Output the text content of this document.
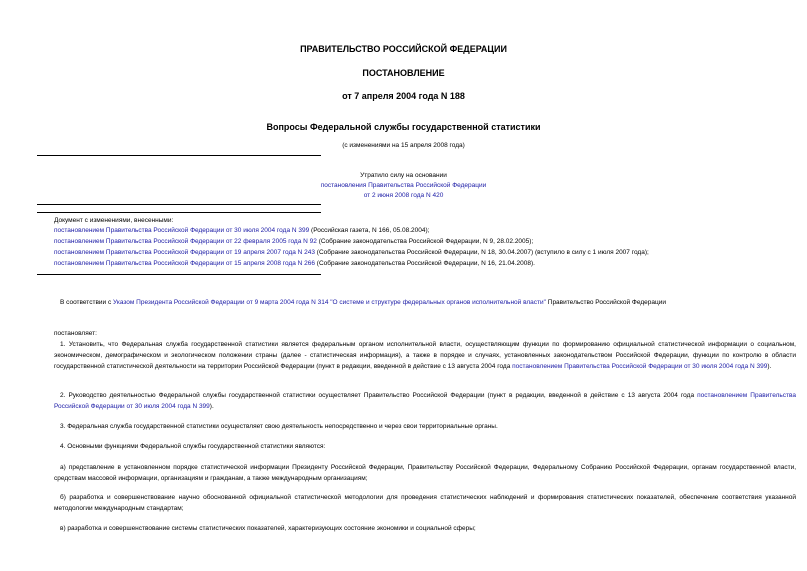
ПРАВИТЕЛЬСТВО РОССИЙСКОЙ ФЕДЕРАЦИИ
ПОСТАНОВЛЕНИЕ
от 7 апреля 2004 года N 188
Вопросы Федеральной службы государственной статистики
(с изменениями на 15 апреля 2008 года)
Утратило силу на основании
постановления Правительства Российской Федерации
от 2 июня 2008 года N 420
Документ с изменениями, внесенными:
постановлением Правительства Российской Федерации от 30 июля 2004 года N 399 (Российская газета, N 166, 05.08.2004);
постановлением Правительства Российской Федерации от 22 февраля 2005 года N 92 (Собрание законодательства Российской Федерации, N 9, 28.02.2005);
постановлением Правительства Российской Федерации от 19 апреля 2007 года N 243 (Собрание законодательства Российской Федерации, N 18, 30.04.2007) (вступило в силу с 1 июля 2007 года);
постановлением Правительства Российской Федерации от 15 апреля 2008 года N 266 (Собрание законодательства Российской Федерации, N 16, 21.04.2008).
В соответствии с Указом Президента Российской Федерации от 9 марта 2004 года N 314 "О системе и структуре федеральных органов исполнительной власти" Правительство Российской Федерации
постановляет:
1. Установить, что Федеральная служба государственной статистики является федеральным органом исполнительной власти, осуществляющим функции по формированию официальной статистической информации о социальном, экономическом, демографическом и экологическом положении страны (далее - статистическая информация), а также в порядке и случаях, установленных законодательством Российской Федерации, функции по контролю в области государственной статистической деятельности на территории Российской Федерации (пункт в редакции, введенной в действие с 13 августа 2004 года постановлением Правительства Российской Федерации от 30 июля 2004 года N 399).
2. Руководство деятельностью Федеральной службы государственной статистики осуществляет Правительство Российской Федерации (пункт в редакции, введенной в действие с 13 августа 2004 года постановлением Правительства Российской Федерации от 30 июля 2004 года N 399).
3. Федеральная служба государственной статистики осуществляет свою деятельность непосредственно и через свои территориальные органы.
4. Основными функциями Федеральной службы государственной статистики являются:
а) представление в установленном порядке статистической информации Президенту Российской Федерации, Правительству Российской Федерации, Федеральному Собранию Российской Федерации, органам государственной власти, средствам массовой информации, организациям и гражданам, а также международным организациям;
б) разработка и совершенствование научно обоснованной официальной статистической методологии для проведения статистических наблюдений и формирования статистических показателей, обеспечение соответствия указанной методологии международным стандартам;
в) разработка и совершенствование системы статистических показателей, характеризующих состояние экономики и социальной сферы;
